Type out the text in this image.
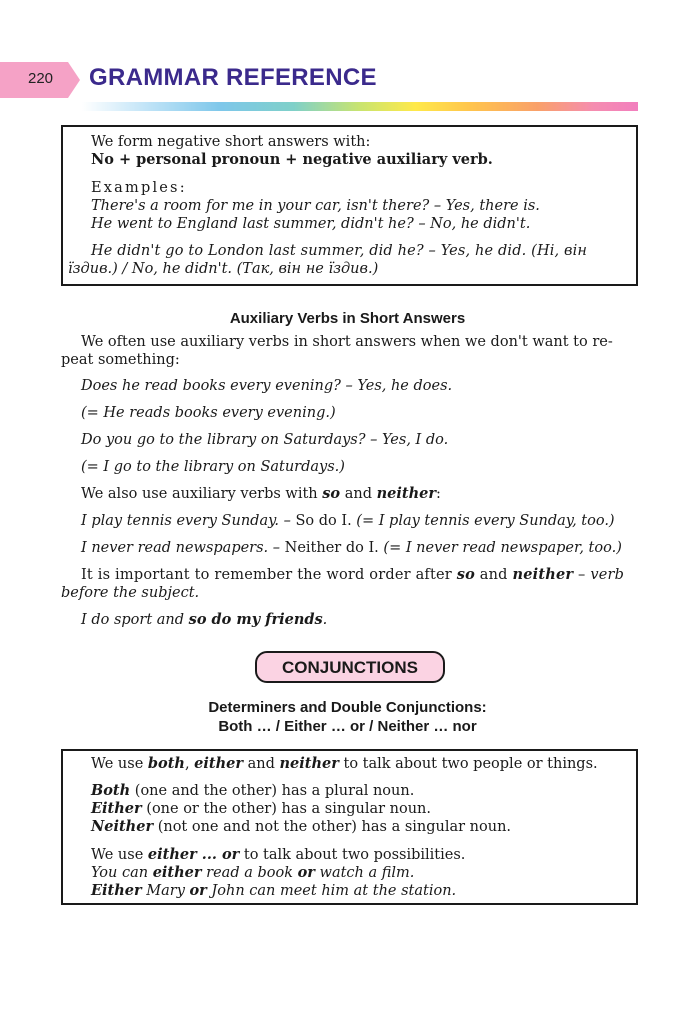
220 GRAMMAR REFERENCE
We form negative short answers with:
No + personal pronoun + negative auxiliary verb.
Examples:
There's a room for me in your car, isn't there? – Yes, there is.
He went to England last summer, didn't he? – No, he didn't.
He didn't go to London last summer, did he? – Yes, he did. (Ні, він
їздив.) / No, he didn't. (Так, він не їздив.)
Auxiliary Verbs in Short Answers
We often use auxiliary verbs in short answers when we don't want to re-
peat something:
Does he read books every evening? – Yes, he does.
(= He reads books every evening.)
Do you go to the library on Saturdays? – Yes, I do.
(= I go to the library on Saturdays.)
We also use auxiliary verbs with so and neither:
I play tennis every Sunday. – So do I. (= I play tennis every Sunday, too.)
I never read newspapers. – Neither do I. (= I never read newspaper, too.)
It is important to remember the word order after so and neither – verb
before the subject.
I do sport and so do my friends.
CONJUNCTIONS
Determiners and Double Conjunctions:
Both … / Either … or / Neither … nor
We use both, either and neither to talk about two people or things.
Both (one and the other) has a plural noun.
Either (one or the other) has a singular noun.
Neither (not one and not the other) has a singular noun.
We use either ... or to talk about two possibilities.
You can either read a book or watch a film.
Either Mary or John can meet him at the station.
